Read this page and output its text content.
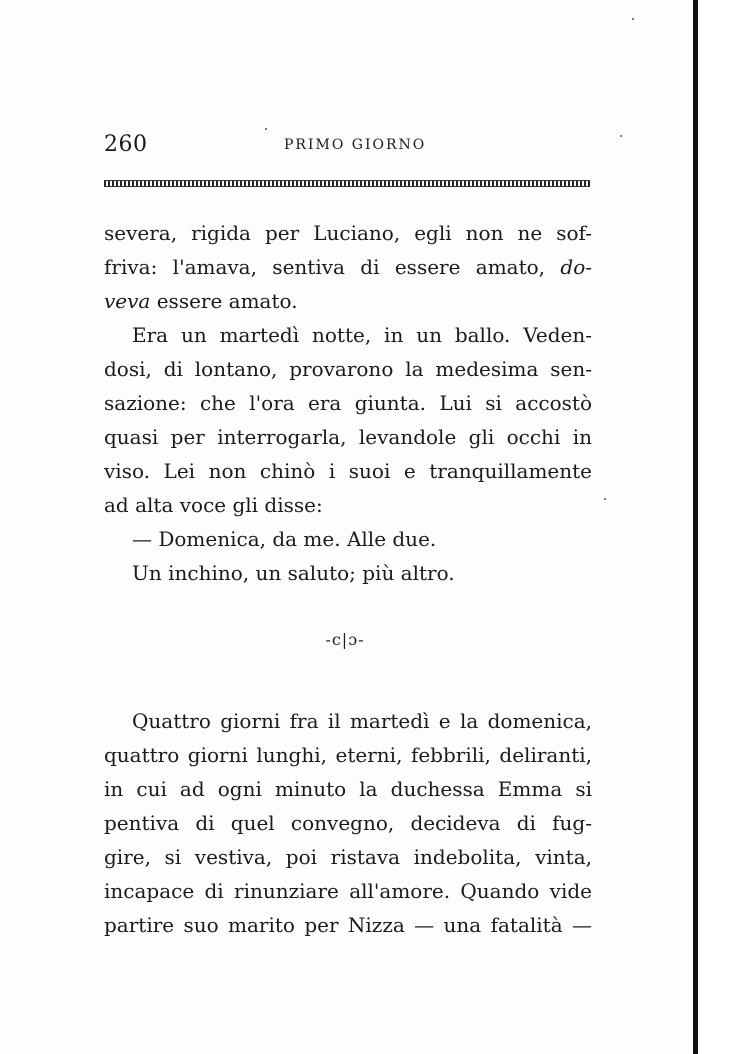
260	PRIMO GIORNO
severa, rigida per Luciano, egli non ne sof-
friva: l'amava, sentiva di essere amato, do-
veva essere amato.
Era un martedì notte, in un ballo. Veden-
dosi, di lontano, provarono la medesima sen-
sazione: che l'ora era giunta. Lui si accostò
quasi per interrogarla, levandole gli occhi in
viso. Lei non chinò i suoi e tranquillamente
ad alta voce gli disse:
— Domenica, da me. Alle due.
Un inchino, un saluto; più altro.
-c|ɔ-
Quattro giorni fra il martedì e la domenica,
quattro giorni lunghi, eterni, febbrili, deliranti,
in cui ad ogni minuto la duchessa Emma si
pentiva di quel convegno, decideva di fug-
gire, si vestiva, poi ristava indebolita, vinta,
incapace di rinunziare all'amore. Quando vide
partire suo marito per Nizza — una fatalità —
